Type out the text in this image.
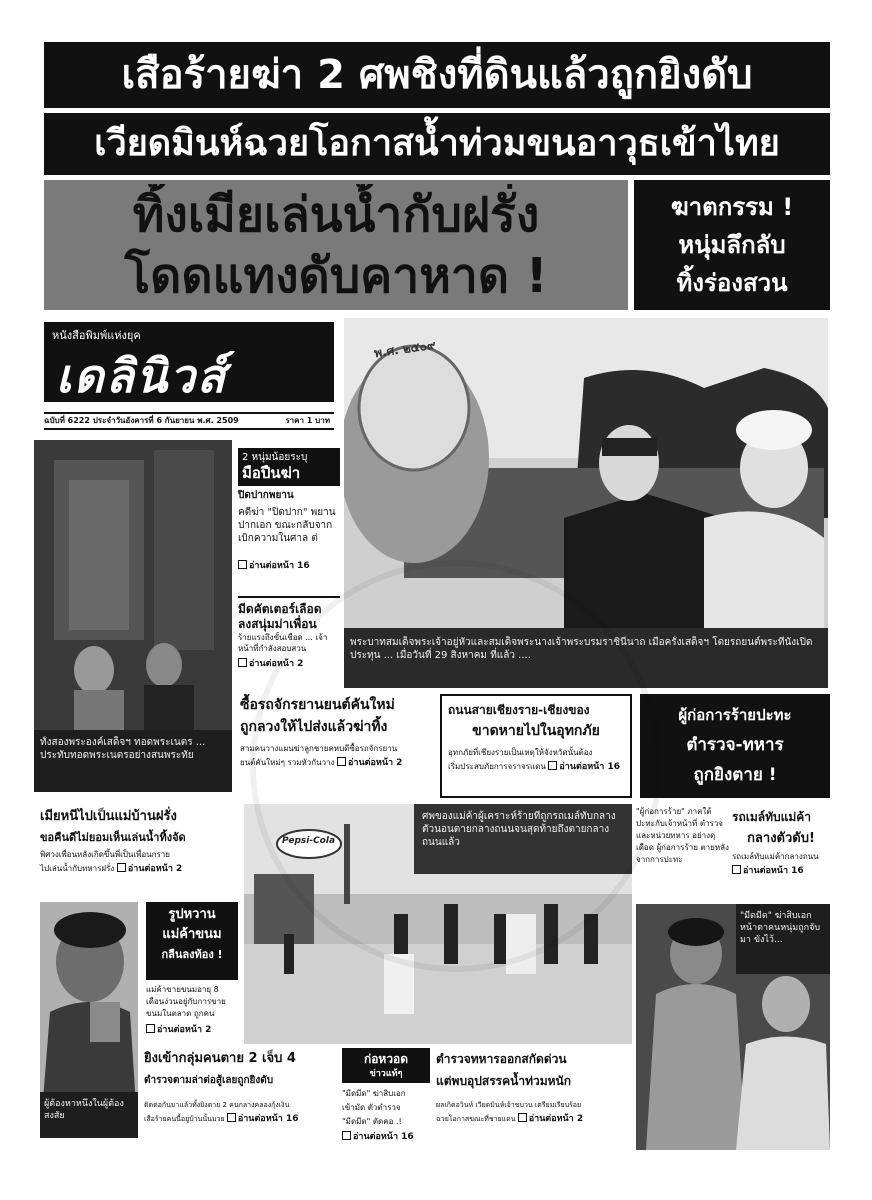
เสือร้ายฆ่า 2 ศพชิงที่ดินแล้วถูกยิงดับ
เวียดมินห์ฉวยโอกาสน้ำท่วมขนอาวุธเข้าไทย
ทิ้งเมียเล่นน้ำกับฝรั่ง
โดดแทงดับคาหาด !
ฆาตกรรม !
หนุ่มลึกลับ
ทิ้งร่องสวน
หนังสือพิมพ์แห่งยุค
เดลินิวส์
ฉบับที่ 6222 ประจำวันอังคารที่ 6 กันยายน พ.ศ. 2509	ราคา 1 บาท
พระบาทสมเด็จพระเจ้าอยู่หัวและสมเด็จพระนางเจ้าพระบรมราชินีนาถ เมื่อครั้งเสด็จฯ โดยรถยนต์พระที่นั่งเปิดประทุน ... เมื่อวันที่ 29 สิงหาคม ที่แล้ว ....
พ.ศ. ๒๕๐๙
ทั้งสองพระองค์เสด็จฯ ทอดพระเนตร ... ประทับทอดพระเนตรอย่างสนพระทัย
2 หนุ่มน้อยระบุ
มือปืนฆ่า
ปิดปากพยาน
คดีฆ่า "ปิดปาก" พยาน ปากเอก ขณะกลับจากเบิกความในศาล ต่
อ่านต่อหน้า 16
มีดคัตเตอร์เลือด
ลงสนุ่มม่าเพื่อน
ร้ายแรงถึงขั้นเชือด ... เจ้าหน้าที่กำลังสอบสวน
อ่านต่อหน้า 2
ซื้อรถจักรยานยนต์คันใหม่
ถูกลวงให้ไปส่งแล้วฆ่าทิ้ง
สามคนวางแผนฆ่าลูกชายคหบดีซื้อรถจักรยาน
ยนต์คันใหม่ๆ รวมหัวกันวาง อ่านต่อหน้า 2
ถนนสายเชียงราย-เชียงของ
ขาดหายไปในอุทกภัย
อุทกภัยที่เชียงรายเป็นเหตุให้จังหวัดนั้นต้อง
เริ่มประสบภัยการจราจรแดน อ่านต่อหน้า 16
ผู้ก่อการร้ายปะทะ
ตำรวจ-ทหาร
ถูกยิงตาย !
เมียหนีไปเป็นแม่บ้านฝรั่ง
ขอคืนดีไม่ยอมเห็นเล่นน้ำทิ้งจัด
พิศวงเพื่อนหลังเกิดขึ้นพี่เป็นเพื่อนกราย
ไปเล่นน้ำกับทหารฝรั่ง อ่านต่อหน้า 2
Pepsi-Cola
ศพของแม่ค้าผู้เคราะห์ร้ายที่ถูกรถเมล์ทับกลางตัวนอนตายกลางถนนจนสุดท้ายถึงตายกลางถนนแล้ว
"ผู้ก่อการร้าย" ภาคใต้ ปะทะกับเจ้าหน้าที่ ตำรวจ และหน่วยทหาร อย่างดุเดือด ผู้ก่อการร้าย ตายหลังจากการปะทะ
รถเมล์ทับแม่ค้า
กลางตัวดับ!
รถเมล์ทับแม่ค้ากลางถนน
อ่านต่อหน้า 16
ผู้ต้องหาหนึ่งในผู้ต้องสงสัย
รูปหวาน
แม่ค้าขนม
กลืนลงท้อง !
แม่ค้าขายขนมอายุ 8 เดือนง่วนอยู่กับการขายขนมในตลาด ถูกคน
อ่านต่อหน้า 2
"มีดมีด" ฆ่าสิบเอก หน้าตาคนหนุ่มถูกจับมา ขังไว้...
ยิงเข้ากลุ่มคนตาย 2 เจ็บ 4
ตำรวจตามล่าต่อสู้เลยถูกยิงดับ
ติดต่อกันมาแล้วทั้งยิงตาย 2 คนกลางคลองกุ้งเงิน
เสือร้ายคนนี้อยู่บ้านนั้นมวย อ่านต่อหน้า 16
ก่อหวอด
ข่าวแท้ๆ
"มีดมีด" ฆ่าสิบเอก
เข้ามัด ตัวตำรวจ
"มีดมีด" ตัดคอ .!
อ่านต่อหน้า 16
ตำรวจทหารออกสกัดด่วน
แต่พบอุปสรรคน้ำท่วมหนัก
ผลเกิดอวินห์ เวียดมินห์เจ้าขบวน เตรียมเรียบร้อย
ฉวยโอกาสขณะที่ชายแดน อ่านต่อหน้า 2
